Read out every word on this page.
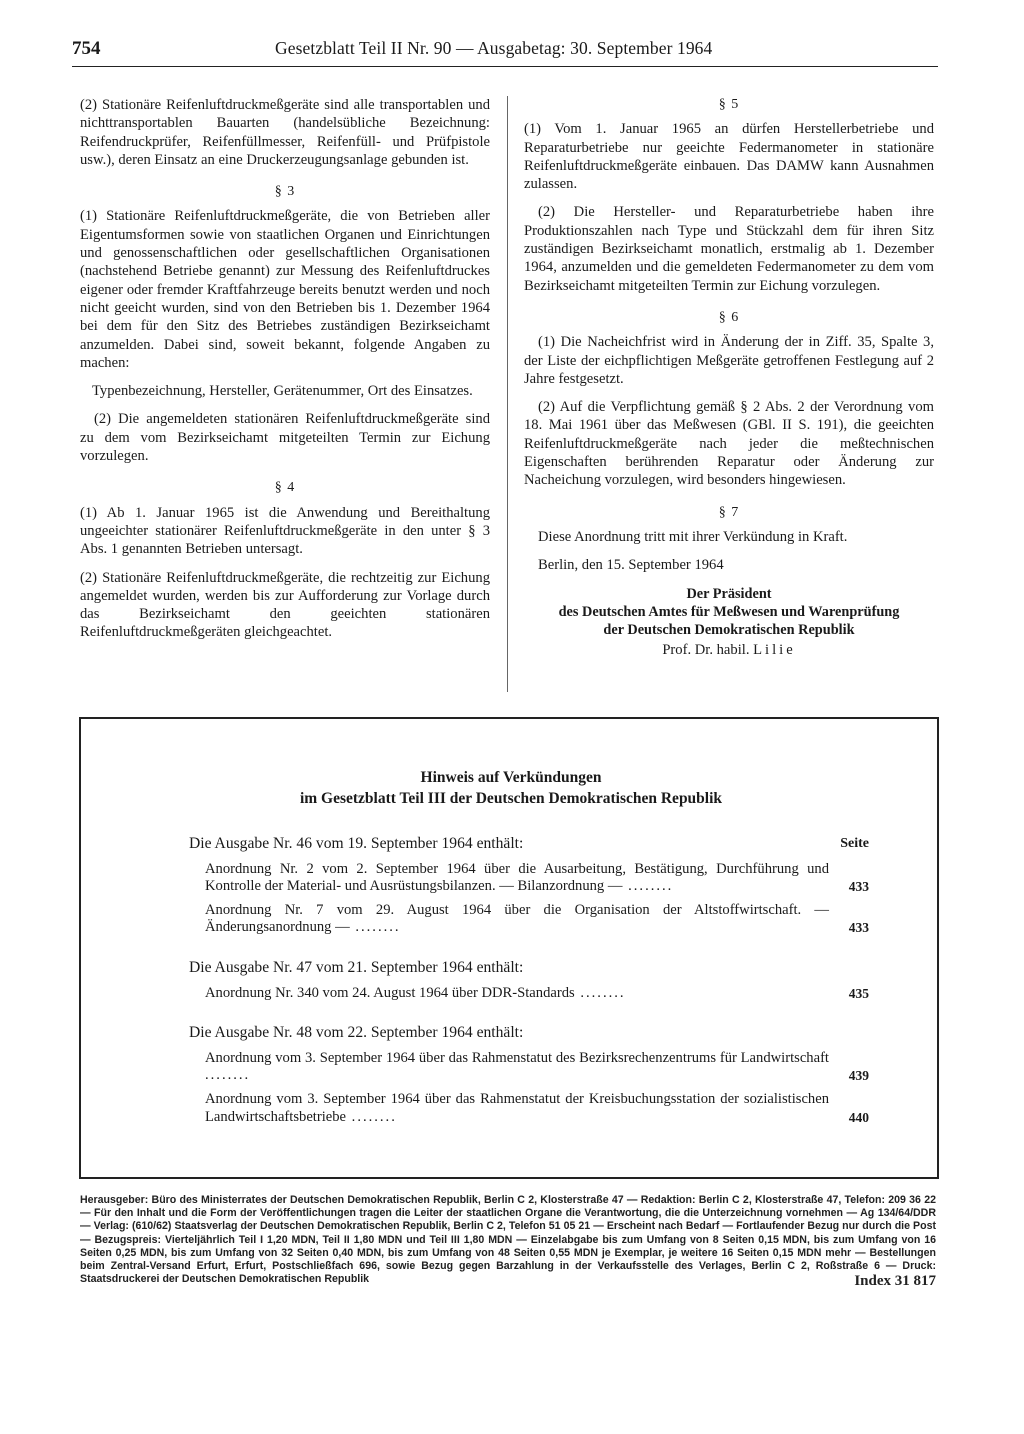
754	Gesetzblatt Teil II Nr. 90 — Ausgabetag: 30. September 1964

(2) Stationäre Reifenluftdruckmeßgeräte sind alle transportablen und nichttransportablen Bauarten (handelsübliche Bezeichnung: Reifendruckprüfer, Reifenfüllmesser, Reifenfüll- und Prüfpistole usw.), deren Einsatz an eine Druckerzeugungsanlage gebunden ist.

§ 3

(1) Stationäre Reifenluftdruckmeßgeräte, die von Betrieben aller Eigentumsformen sowie von staatlichen Organen und Einrichtungen und genossenschaftlichen oder gesellschaftlichen Organisationen (nachstehend Betriebe genannt) zur Messung des Reifenluftdruckes eigener oder fremder Kraftfahrzeuge bereits benutzt werden und noch nicht geeicht wurden, sind von den Betrieben bis 1. Dezember 1964 bei dem für den Sitz des Betriebes zuständigen Bezirkseichamt anzumelden. Dabei sind, soweit bekannt, folgende Angaben zu machen:

Typenbezeichnung, Hersteller, Gerätenummer, Ort des Einsatzes.

(2) Die angemeldeten stationären Reifenluftdruckmeßgeräte sind zu dem vom Bezirkseichamt mitgeteilten Termin zur Eichung vorzulegen.

§ 4

(1) Ab 1. Januar 1965 ist die Anwendung und Bereithaltung ungeeichter stationärer Reifenluftdruckmeßgeräte in den unter § 3 Abs. 1 genannten Betrieben untersagt.

(2) Stationäre Reifenluftdruckmeßgeräte, die rechtzeitig zur Eichung angemeldet wurden, werden bis zur Aufforderung zur Vorlage durch das Bezirkseichamt den geeichten stationären Reifenluftdruckmeßgeräten gleichgeachtet.

§ 5

(1) Vom 1. Januar 1965 an dürfen Herstellerbetriebe und Reparaturbetriebe nur geeichte Federmanometer in stationäre Reifenluftdruckmeßgeräte einbauen. Das DAMW kann Ausnahmen zulassen.

(2) Die Hersteller- und Reparaturbetriebe haben ihre Produktionszahlen nach Type und Stückzahl dem für ihren Sitz zuständigen Bezirkseichamt monatlich, erstmalig ab 1. Dezember 1964, anzumelden und die gemeldeten Federmanometer zu dem vom Bezirkseichamt mitgeteilten Termin zur Eichung vorzulegen.

§ 6

(1) Die Nacheichfrist wird in Änderung der in Ziff. 35, Spalte 3, der Liste der eichpflichtigen Meßgeräte getroffenen Festlegung auf 2 Jahre festgesetzt.

(2) Auf die Verpflichtung gemäß § 2 Abs. 2 der Verordnung vom 18. Mai 1961 über das Meßwesen (GBl. II S. 191), die geeichten Reifenluftdruckmeßgeräte nach jeder die meßtechnischen Eigenschaften berührenden Reparatur oder Änderung zur Nacheichung vorzulegen, wird besonders hingewiesen.

§ 7

Diese Anordnung tritt mit ihrer Verkündung in Kraft.

Berlin, den 15. September 1964

Der Präsident
des Deutschen Amtes für Meßwesen und Warenprüfung
der Deutschen Demokratischen Republik
Prof. Dr. habil. Lilie
Hinweis auf Verkündungen
im Gesetzblatt Teil III der Deutschen Demokratischen Republik
Die Ausgabe Nr. 46 vom 19. September 1964 enthält:	Seite
Anordnung Nr. 2 vom 2. September 1964 über die Ausarbeitung, Bestätigung, Durchführung und Kontrolle der Material- und Ausrüstungsbilanzen. — Bilanzordnung — ........	433
Anordnung Nr. 7 vom 29. August 1964 über die Organisation der Altstoffwirtschaft. — Änderungsanordnung — ........	433
Die Ausgabe Nr. 47 vom 21. September 1964 enthält:
Anordnung Nr. 340 vom 24. August 1964 über DDR-Standards ........	435
Die Ausgabe Nr. 48 vom 22. September 1964 enthält:
Anordnung vom 3. September 1964 über das Rahmenstatut des Bezirksrechenzentrums für Landwirtschaft ........	439
Anordnung vom 3. September 1964 über das Rahmenstatut der Kreisbuchungsstation der sozialistischen Landwirtschaftsbetriebe ........	440
Herausgeber: Büro des Ministerrates der Deutschen Demokratischen Republik, Berlin C 2, Klosterstraße 47 — Redaktion: Berlin C 2, Klosterstraße 47, Telefon: 209 36 22 — Für den Inhalt und die Form der Veröffentlichungen tragen die Leiter der staatlichen Organe die Verantwortung, die die Unterzeichnung vornehmen — Ag 134/64/DDR — Verlag: (610/62) Staatsverlag der Deutschen Demokratischen Republik, Berlin C 2, Telefon 51 05 21 — Erscheint nach Bedarf — Fortlaufender Bezug nur durch die Post — Bezugspreis: Vierteljährlich Teil I 1,20 MDN, Teil II 1,80 MDN und Teil III 1,80 MDN — Einzelabgabe bis zum Umfang von 8 Seiten 0,15 MDN, bis zum Umfang von 16 Seiten 0,25 MDN, bis zum Umfang von 32 Seiten 0,40 MDN, bis zum Umfang von 48 Seiten 0,55 MDN je Exemplar, je weitere 16 Seiten 0,15 MDN mehr — Bestellungen beim Zentral-Versand Erfurt, Erfurt, Postschließfach 696, sowie Bezug gegen Barzahlung in der Verkaufsstelle des Verlages, Berlin C 2, Roßstraße 6 — Druck: Staatsdruckerei der Deutschen Demokratischen Republik	Index 31 817
